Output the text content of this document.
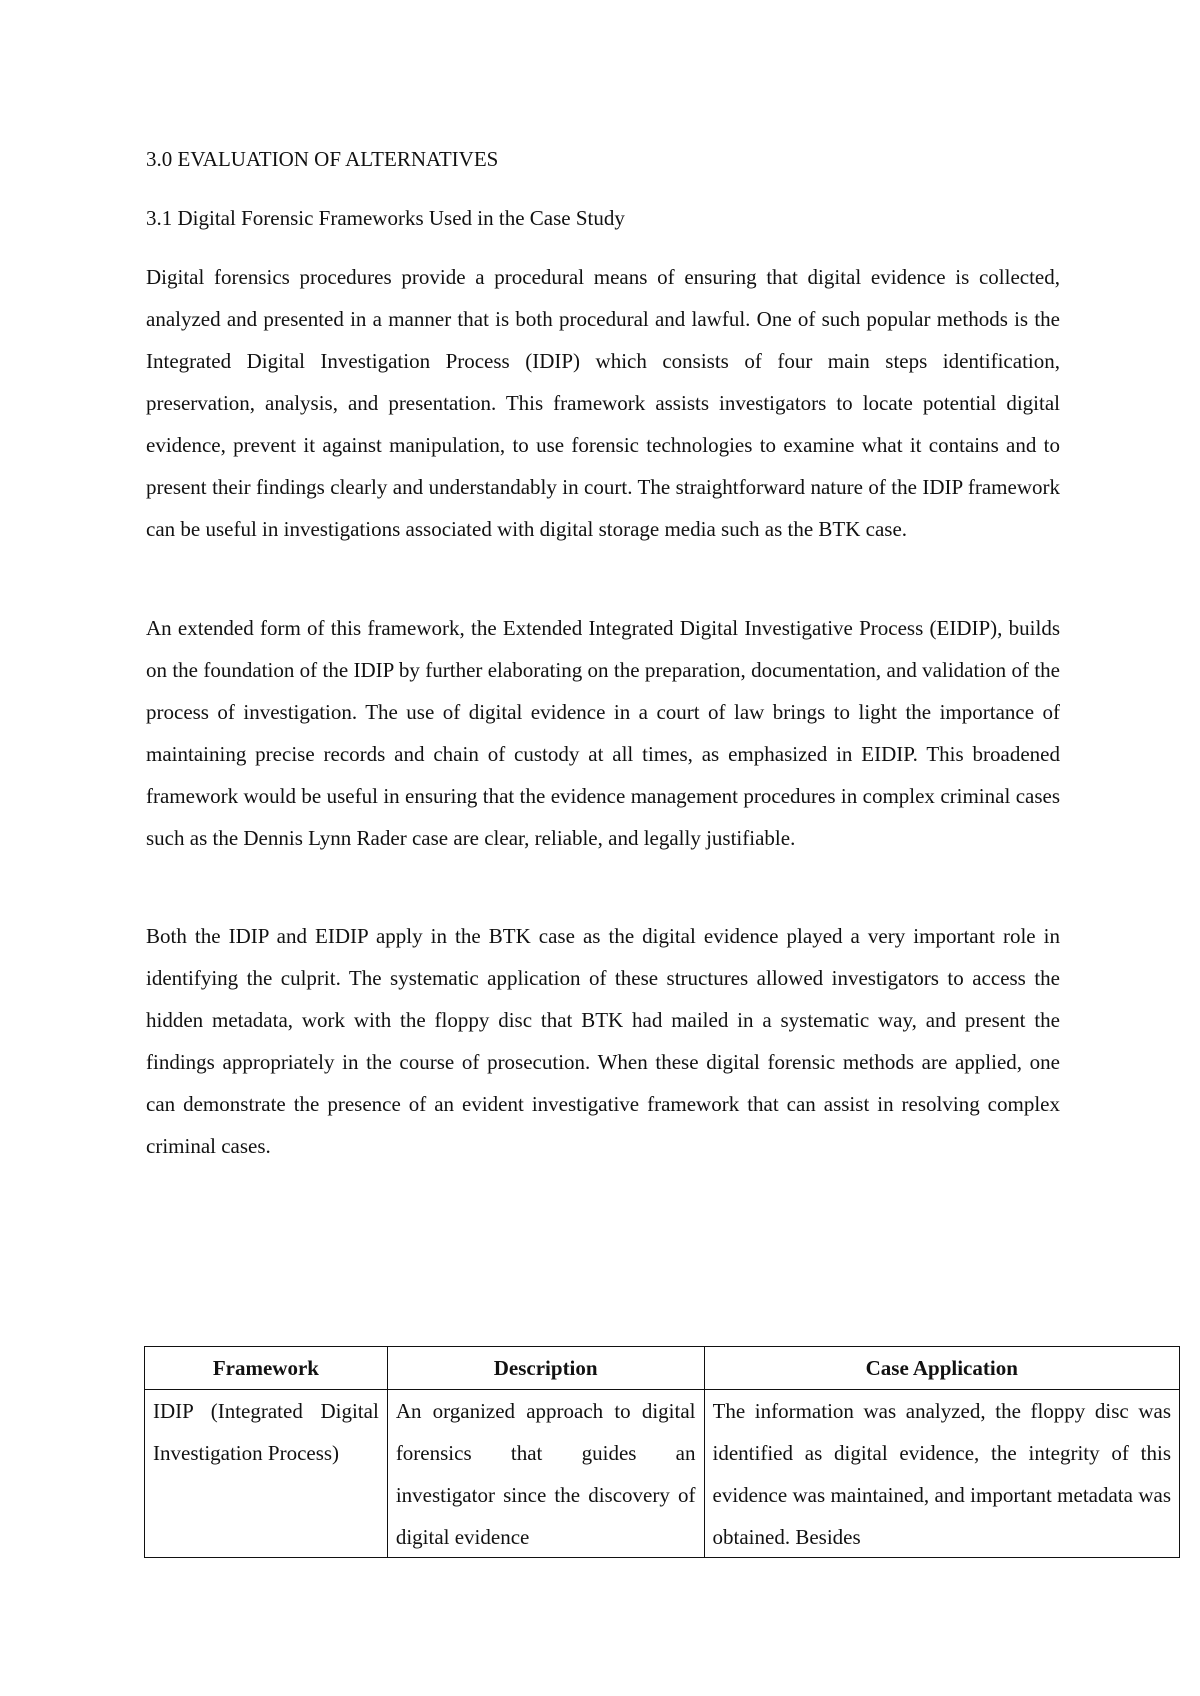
3.0 EVALUATION OF ALTERNATIVES
3.1 Digital Forensic Frameworks Used in the Case Study

Digital forensics procedures provide a procedural means of ensuring that digital evidence is collected, analyzed and presented in a manner that is both procedural and lawful. One of such popular methods is the Integrated Digital Investigation Process (IDIP) which consists of four main steps identification, preservation, analysis, and presentation. This framework assists investigators to locate potential digital evidence, prevent it against manipulation, to use forensic technologies to examine what it contains and to present their findings clearly and understandably in court. The straightforward nature of the IDIP framework can be useful in investigations associated with digital storage media such as the BTK case.

An extended form of this framework, the Extended Integrated Digital Investigative Process (EIDIP), builds on the foundation of the IDIP by further elaborating on the preparation, documentation, and validation of the process of investigation. The use of digital evidence in a court of law brings to light the importance of maintaining precise records and chain of custody at all times, as emphasized in EIDIP. This broadened framework would be useful in ensuring that the evidence management procedures in complex criminal cases such as the Dennis Lynn Rader case are clear, reliable, and legally justifiable.

Both the IDIP and EIDIP apply in the BTK case as the digital evidence played a very important role in identifying the culprit. The systematic application of these structures allowed investigators to access the hidden metadata, work with the floppy disc that BTK had mailed in a systematic way, and present the findings appropriately in the course of prosecution. When these digital forensic methods are applied, one can demonstrate the presence of an evident investigative framework that can assist in resolving complex criminal cases.

Framework	Description	Case Application

IDIP (Integrated Digital Investigation Process)	An organized approach to digital forensics that guides an investigator since the discovery of digital evidence	The information was analyzed, the floppy disc was identified as digital evidence, the integrity of this evidence was maintained, and important metadata was obtained. Besides
